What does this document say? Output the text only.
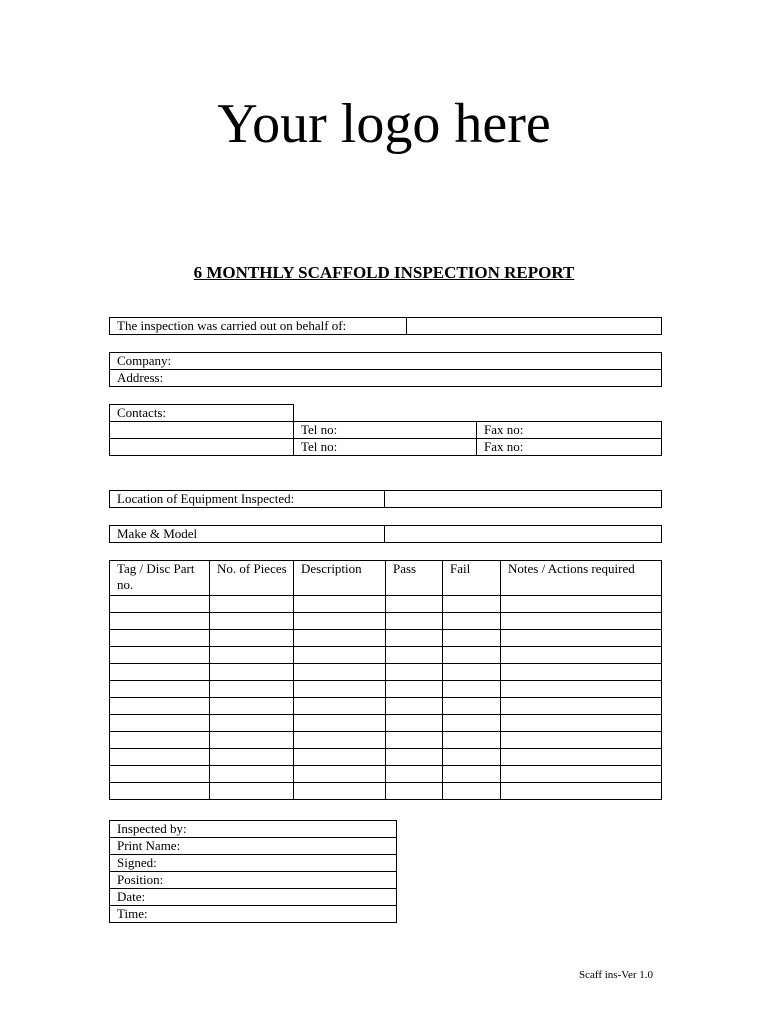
Your logo here
6 MONTHLY SCAFFOLD INSPECTION REPORT
The inspection was carried out on behalf of:	
Company:
Address:
Contacts:		
	Tel no:	Fax no:
	Tel no:	Fax no:
Location of Equipment Inspected:	
Make & Model	
Tag / Disc Part no.	No. of Pieces	Description	Pass	Fail	Notes / Actions required

Inspected by:
Print Name:
Signed:
Position:
Date:
Time:
Scaff ins-Ver 1.0
